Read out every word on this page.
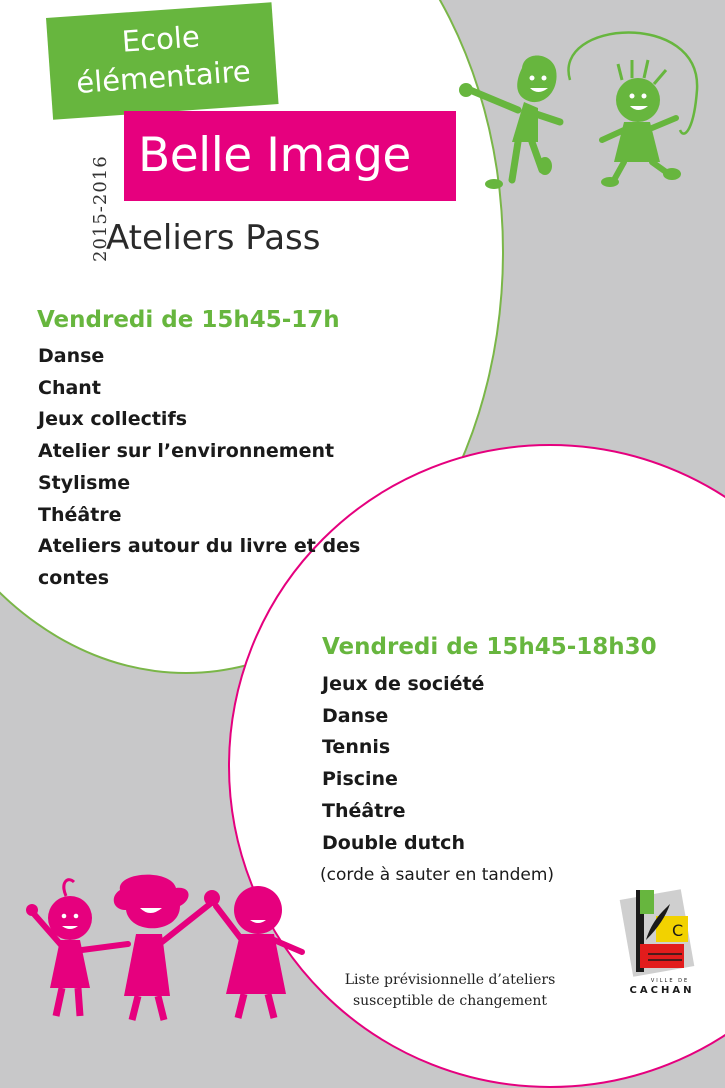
Ecole
élémentaire
Belle Image
2015-2016
Ateliers Pass
Vendredi de 15h45-17h
Danse
Chant
Jeux collectifs
Atelier sur l’environnement
Stylisme
Théâtre
Ateliers autour du livre et des contes
Vendredi de 15h45-18h30
Jeux de société
Danse
Tennis
Piscine
Théâtre
Double dutch
(corde à sauter en tandem)
Liste prévisionnelle d’ateliers
susceptible de changement
C
VILLE DE
CACHAN
